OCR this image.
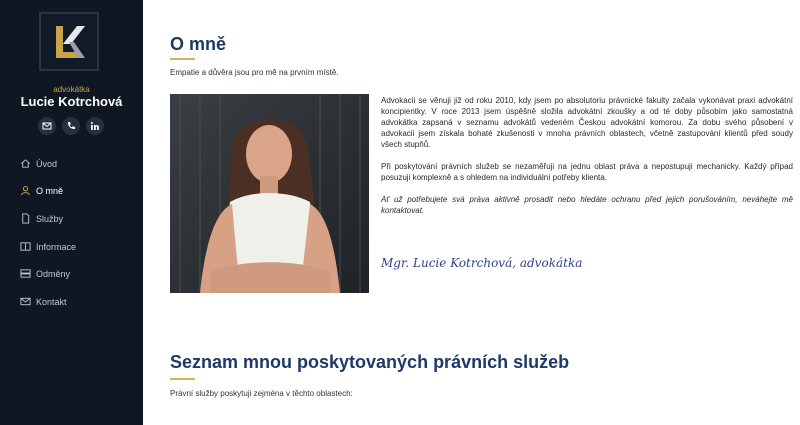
advokátka
Lucie Kotrchová
Úvod
O mně
Služby
Informace
Odměny
Kontakt
O mně
Empatie a důvěra jsou pro mě na prvním místě.

Advokacii se věnuji již od roku 2010, kdy jsem po absolutoriu právnické fakulty začala vykonávat praxi advokátní koncipientky. V roce 2013 jsem úspěšně složila advokátní zkoušky a od té doby působím jako samostatná advokátka zapsaná v seznamu advokátů vedeném Českou advokátní komorou. Za dobu svého působení v advokacii jsem získala bohaté zkušenosti v mnoha právních oblastech, včetně zastupování klientů před soudy všech stupňů.

Při poskytování právních služeb se nezaměřuji na jednu oblast práva a nepostupuji mechanicky. Každý případ posuzuji komplexně a s ohledem na individuální potřeby klienta.

Ať už potřebujete svá práva aktivně prosadit nebo hledáte ochranu před jejich porušováním, neváhejte mě kontaktovat.

Mgr. Lucie Kotrchová, advokátka
Seznam mnou poskytovaných právních služeb
Právní služby poskytuji zejména v těchto oblastech:
